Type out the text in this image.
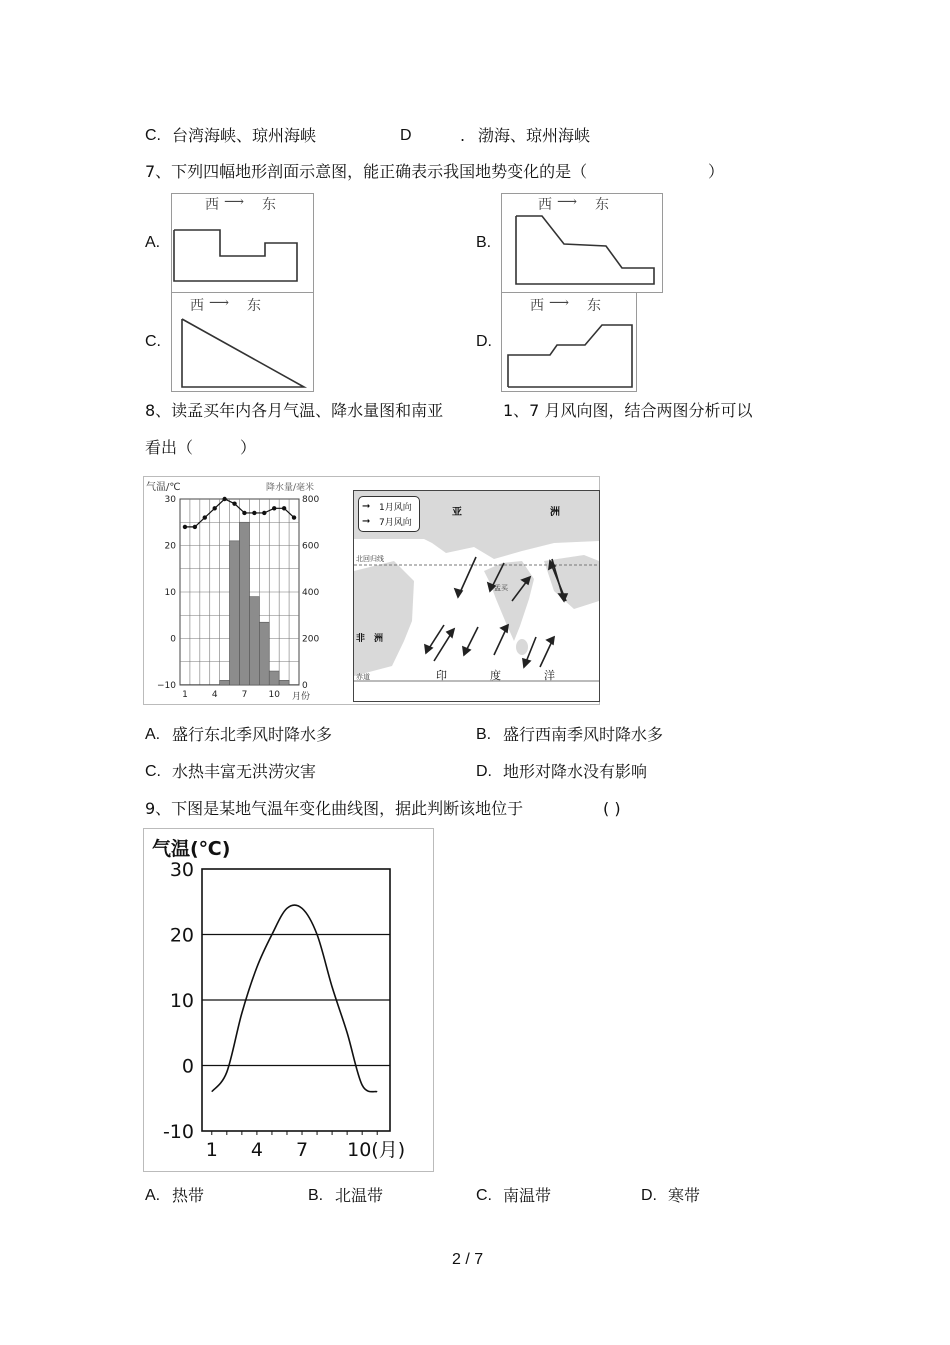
C. 台湾海峡、琼州海峡	D	. 渤海、琼州海峡
7、下列四幅地形剖面示意图，能正确表示我国地势变化的是（	）
A.	B.
C.	D.
西 ⟶ 东	西 ⟶ 东
西 ⟶ 东	西 ⟶ 东
8、读孟买年内各月气温、降水量图和南亚	1、7 月风向图，结合两图分析可以
看出（	）
气温/℃	降水量/毫米
30
20
10
0
−10
800
600
400
200
0
1	4	7 10 月份
➞ 1月风向
➞ 7月风向
亚	洲
北回归线
孟买
非 洲
赤道	印	度	洋
A. 盛行东北季风时降水多	B. 盛行西南季风时降水多
C. 水热丰富无洪涝灾害	D. 地形对降水没有影响
9、下图是某地气温年变化曲线图，据此判断该地位于	( )
气温(℃)
30
20
10
0
-10
1 4 7 10(月)
A. 热带	B. 北温带	C. 南温带	D. 寒带
2 / 7
